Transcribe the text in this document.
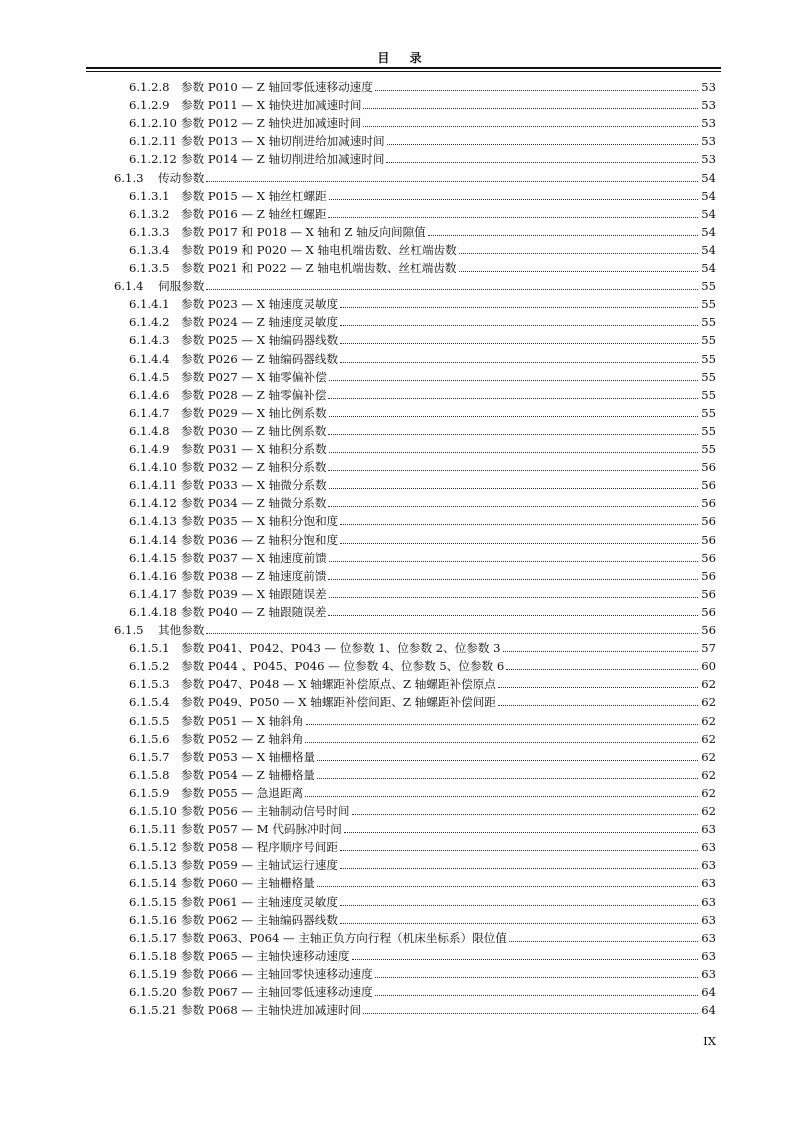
目 录
6.1.2.8 参数 P010 — Z 轴回零低速移动速度	53
6.1.2.9 参数 P011 — X 轴快进加减速时间	53
6.1.2.10 参数 P012 — Z 轴快进加减速时间	53
6.1.2.11 参数 P013 — X 轴切削进给加减速时间	53
6.1.2.12 参数 P014 — Z 轴切削进给加减速时间	53
6.1.3	传动参数	54
6.1.3.1 参数 P015 — X 轴丝杠螺距	54
6.1.3.2 参数 P016 — Z 轴丝杠螺距	54
6.1.3.3 参数 P017 和 P018 — X 轴和 Z 轴反向间隙值	54
6.1.3.4 参数 P019 和 P020 — X 轴电机端齿数、丝杠端齿数	54
6.1.3.5 参数 P021 和 P022 — Z 轴电机端齿数、丝杠端齿数	54
6.1.4	伺服参数	55
6.1.4.1 参数 P023 — X 轴速度灵敏度	55
6.1.4.2 参数 P024 — Z 轴速度灵敏度	55
6.1.4.3 参数 P025 — X 轴编码器线数	55
6.1.4.4 参数 P026 — Z 轴编码器线数	55
6.1.4.5 参数 P027 — X 轴零偏补偿	55
6.1.4.6 参数 P028 — Z 轴零偏补偿	55
6.1.4.7 参数 P029 — X 轴比例系数	55
6.1.4.8 参数 P030 — Z 轴比例系数	55
6.1.4.9 参数 P031 — X 轴积分系数	55
6.1.4.10 参数 P032 — Z 轴积分系数	56
6.1.4.11 参数 P033 — X 轴微分系数	56
6.1.4.12 参数 P034 — Z 轴微分系数	56
6.1.4.13 参数 P035 — X 轴积分饱和度	56
6.1.4.14 参数 P036 — Z 轴积分饱和度	56
6.1.4.15 参数 P037 — X 轴速度前馈	56
6.1.4.16 参数 P038 — Z 轴速度前馈	56
6.1.4.17 参数 P039 — X 轴跟随误差	56
6.1.4.18 参数 P040 — Z 轴跟随误差	56
6.1.5	其他参数	56
6.1.5.1 参数 P041、P042、P043 — 位参数 1、位参数 2、位参数 3	57
6.1.5.2 参数 P044 、P045、P046 — 位参数 4、位参数 5、位参数 6	60
6.1.5.3 参数 P047、P048 — X 轴螺距补偿原点、Z 轴螺距补偿原点	62
6.1.5.4 参数 P049、P050 — X 轴螺距补偿间距、Z 轴螺距补偿间距	62
6.1.5.5 参数 P051 — X 轴斜角	62
6.1.5.6 参数 P052 — Z 轴斜角	62
6.1.5.7 参数 P053 — X 轴栅格量	62
6.1.5.8 参数 P054 — Z 轴栅格量	62
6.1.5.9 参数 P055 — 急退距离	62
6.1.5.10 参数 P056 — 主轴制动信号时间	62
6.1.5.11 参数 P057 — M 代码脉冲时间	63
6.1.5.12 参数 P058 — 程序顺序号间距	63
6.1.5.13 参数 P059 — 主轴试运行速度	63
6.1.5.14 参数 P060 — 主轴栅格量	63
6.1.5.15 参数 P061 — 主轴速度灵敏度	63
6.1.5.16 参数 P062 — 主轴编码器线数	63
6.1.5.17 参数 P063、P064 — 主轴正负方向行程（机床坐标系）限位值	63
6.1.5.18 参数 P065 — 主轴快速移动速度	63
6.1.5.19 参数 P066 — 主轴回零快速移动速度	63
6.1.5.20 参数 P067 — 主轴回零低速移动速度	64
6.1.5.21 参数 P068 — 主轴快进加减速时间	64
IX
